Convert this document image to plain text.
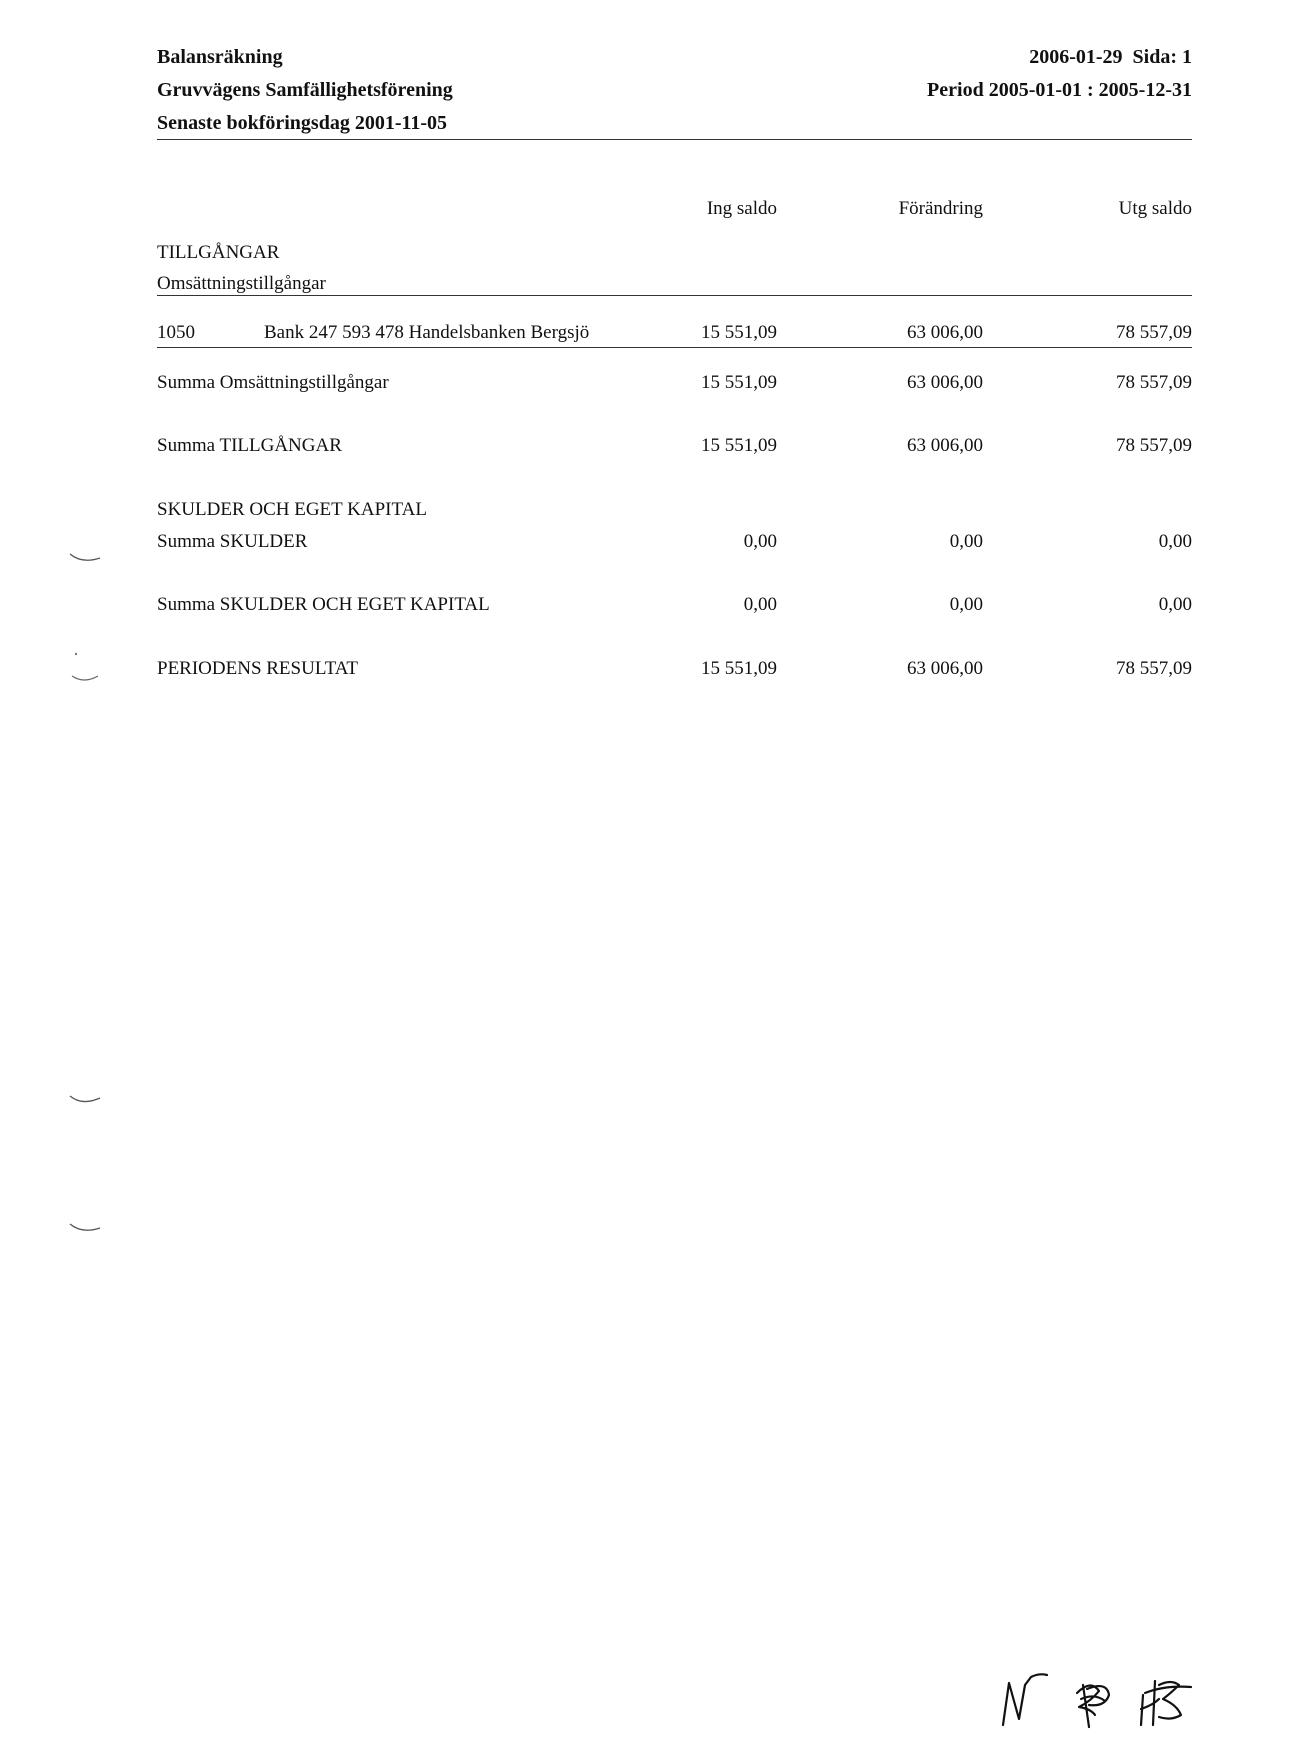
Balansräkning
Gruvvägens Samfällighetsförening
Senaste bokföringsdag 2001-11-05
2006-01-29  Sida: 1
Period 2005-01-01 : 2005-12-31
Ing saldo	Förändring	Utg saldo
TILLGÅNGAR
Omsättningstillgångar
1050	Bank 247 593 478 Handelsbanken Bergsjö	15 551,09	63 006,00	78 557,09
Summa Omsättningstillgångar	15 551,09	63 006,00	78 557,09
Summa TILLGÅNGAR	15 551,09	63 006,00	78 557,09
SKULDER OCH EGET KAPITAL
Summa SKULDER	0,00	0,00	0,00
Summa SKULDER OCH EGET KAPITAL	0,00	0,00	0,00
PERIODENS RESULTAT	15 551,09	63 006,00	78 557,09
